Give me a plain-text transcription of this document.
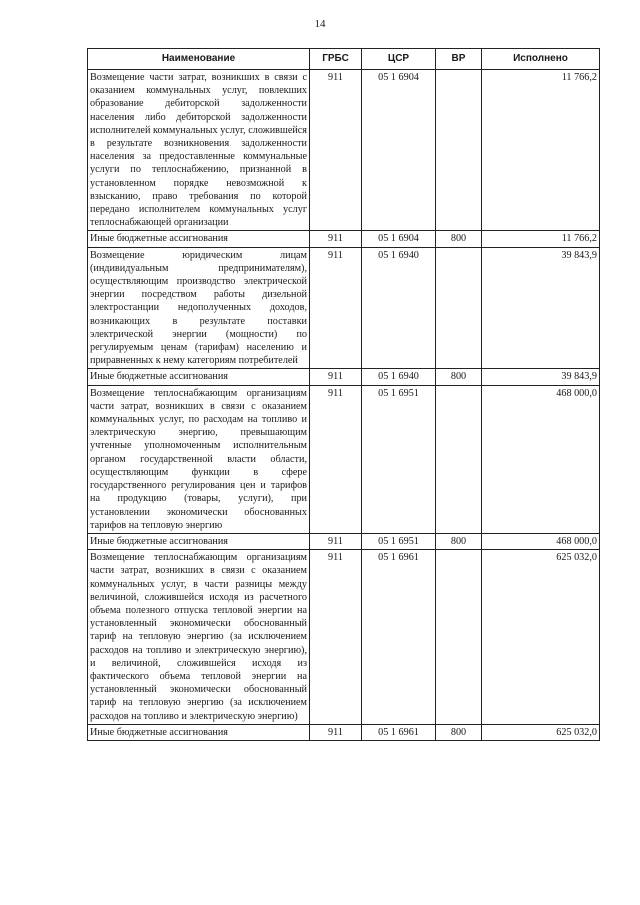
14
Наименование	ГРБС	ЦСР	ВР	Исполнено
Возмещение части затрат, возникших в связи с оказанием коммунальных услуг, повлекших образование дебиторской задолженности населения либо дебиторской задолженности исполнителей коммунальных услуг, сложившейся в результате возникновения задолженности населения за предоставленные коммунальные услуги по теплоснабжению, признанной в установленном порядке невозможной к взысканию, право требования по которой передано исполнителем коммунальных услуг теплоснабжающей организации	911	05 1 6904		11 766,2
Иные бюджетные ассигнования	911	05 1 6904	800	11 766,2
Возмещение юридическим лицам (индивидуальным предпринимателям), осуществляющим производство электрической энергии посредством работы дизельной электростанции недополученных доходов, возникающих в результате поставки электрической энергии (мощности) по регулируемым ценам (тарифам) населению и приравненных к нему категориям потребителей	911	05 1 6940		39 843,9
Иные бюджетные ассигнования	911	05 1 6940	800	39 843,9
Возмещение теплоснабжающим организациям части затрат, возникших в связи с оказанием коммунальных услуг, по расходам на топливо и электрическую энергию, превышающим учтенные уполномоченным исполнительным органом государственной власти области, осуществляющим функции в сфере государственного регулирования цен и тарифов на продукцию (товары, услуги), при установлении экономически обоснованных тарифов на тепловую энергию	911	05 1 6951		468 000,0
Иные бюджетные ассигнования	911	05 1 6951	800	468 000,0
Возмещение теплоснабжающим организациям части затрат, возникших в связи с оказанием коммунальных услуг, в части разницы между величиной, сложившейся исходя из расчетного объема полезного отпуска тепловой энергии на установленный экономически обоснованный тариф на тепловую энергию (за исключением расходов на топливо и электрическую энергию), и величиной, сложившейся исходя из фактического объема тепловой энергии на установленный экономически обоснованный тариф на тепловую энергию (за исключением расходов на топливо и электрическую энергию)	911	05 1 6961		625 032,0
Иные бюджетные ассигнования	911	05 1 6961	800	625 032,0
